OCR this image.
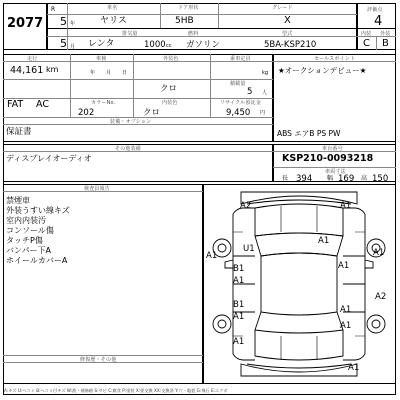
2077
R
5 年
5 月
車名
ヤリス
ドア形状
5HB
グレード
X
評価点
4
レンタ
排気量
1000 cc
燃料
ガソリン
型式
5BA-KSP210
内装 外装
C B
走行
44,161 km
車検
年 月 日
外装色
クロ
乗車定員
5 人
積載量
kg
FAT AC	カラーNo.
202
内装色
クロ
リサイクル預託金
9,450 円
装備・オプション
保証書
セールスポイント
★オークションデビュー★
ABS エアB PS PW
その他装備
ディスプレイオーディオ
車台番号
KSP210-0093218
394	169 150
長	幅	高
車両寸法
検査員報告
修復歴・その他
禁煙車
外装うすい線キズ
室内内装汚
コンソール傷
タッチP傷
バンパー下A
ホイールカバーA
A2	A1
U1
A1
A1	A1
A1
B1
A1
B1
A1
A1
A1
A2
A1
A1
A:キズ U:ヘコミ B:ヘコミ付キズ W:波・補修跡 S:サビ C:腐食 P:塗装 X:要交換 XX:交換済 Y:穴・亀裂 G:飛石 E:エクボ
